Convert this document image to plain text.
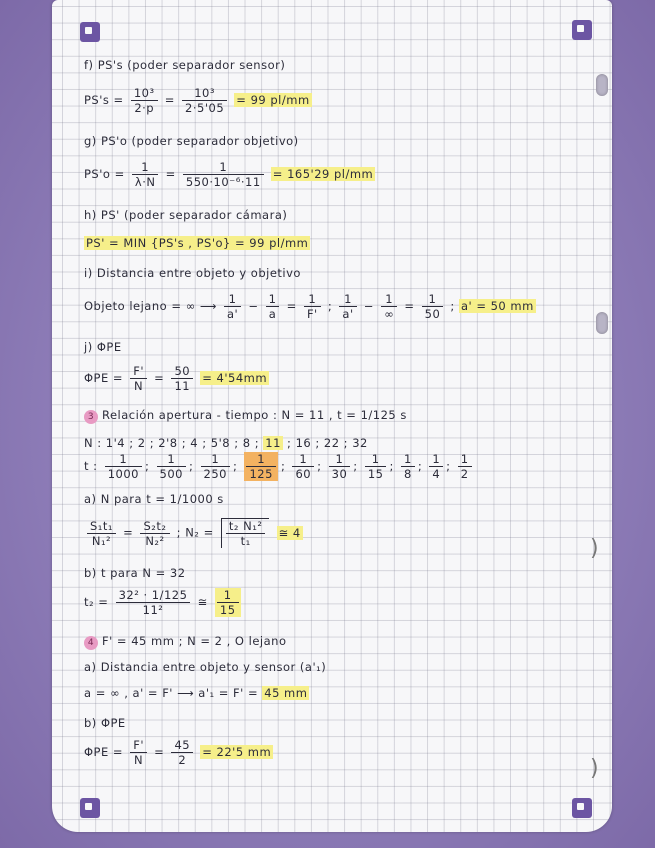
)
)
f) PS's (poder separador sensor)
$PS's = \frac{\text{10³}}{2\cdot p} = \frac{\text{10³}}{2\cdot 5'05} = 99$ pl/mm
g) PS'o (poder separador objetivo)
$PS'o = \frac{1}{\lambda\cdot N} = \frac{1}{\text{550·10⁻⁶·11}} = 165'29$ pl/mm
h) PS' (poder separador cámara)
PS' = MIN {PS's , PS'o} = 99 pl/mm
i) Distancia entre objeto y objetivo
Objeto lejano = ∞ ⟶ $\frac{1}{a'} - \frac{1}{a} = \frac{1}{F'}$ ; $\frac{1}{a'} - \frac{1}{\infty} = \frac{1}{50}$ ; a' = 50 mm
j) ΦPE
$\Phi PE = \frac{F'}{N} = \frac{50}{11} = 4'54mm$
3 Relación apertura - tiempo : N = 11 , t = 1/125 s
N : 1'4 ; 2 ; 2'8 ; 4 ; 5'8 ; 8 ; 11 ; 16 ; 22 ; 32
t : $\frac{1}{1000}$ ; $\frac{1}{500}$ ; $\frac{1}{250}$ ; $\frac{1}{125}$ ; $\frac{1}{60}$ ; $\frac{1}{30}$ ; $\frac{1}{15}$ ; $\frac{1}{8}$ ; $\frac{1}{4}$ ; $\frac{1}{2}$
a) N para t = 1/1000 s
$\frac{\text{S₁t₁}}{\text{N₁²}} = \frac{\text{S₂t₂}}{\text{N₂²}}$ ; $N_2 = \frac{\text{t₂ N₁²}}{\text{t₁}}$ ≅ 4
b) t para N = 32
$t_2 = \frac{\text{32² · 1/125}}{\text{11²}}$ ≅ $\frac{1}{15}$
4 F' = 45 mm ; N = 2 , O lejano
a) Distancia entre objeto y sensor (a'₁)
a = ∞ , a' = F' ⟶ a'₁ = F' = 45 mm
b) ΦPE
$\Phi PE = \frac{F'}{N} = \frac{45}{2} = 22'5$ mm
